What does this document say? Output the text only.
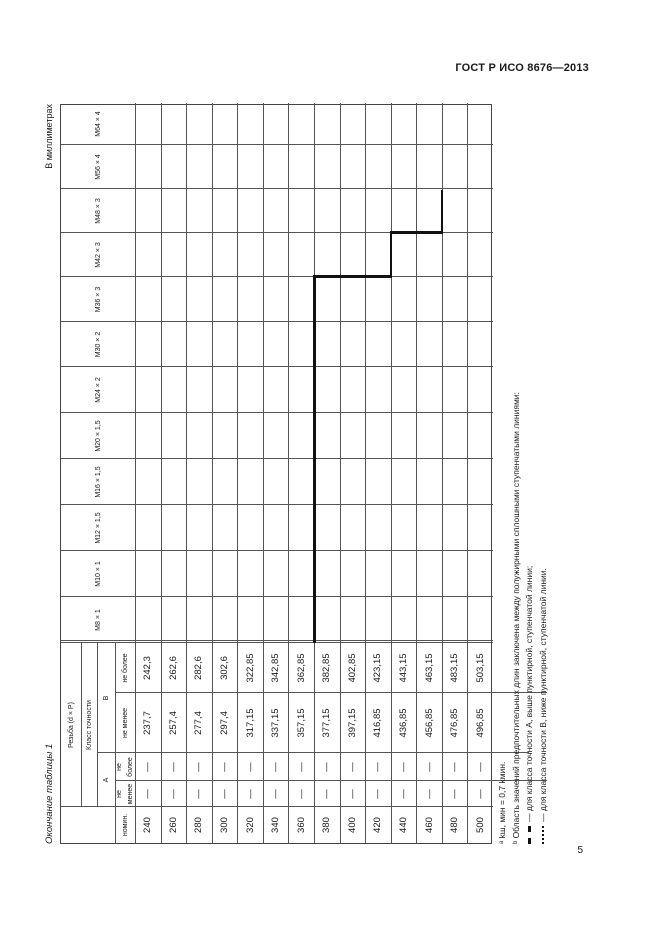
ГОСТ Р ИСО 8676—2013
Окончание таблицы 1
В миллиметрах
номин.
Резьба (d × P)	Класс точности
A
B
не менее
не более
не менее
не более
M8 × 1
M10 × 1
M12 × 1,5
M16 × 1,5
M20 × 1,5
M24 × 2
M30 × 2
M36 × 3
M42 × 3
M48 × 3
M56 × 4
M64 × 4
240
—
—
237,7
242,3
260
—
—
257,4
262,6
280
—
—
277,4
282,6
300
—
—
297,4
302,6
320
—
—
317,15
322,85
340
—
—
337,15
342,85
360
—
—
357,15
362,85
380
—
—
377,15
382,85
400
—
—
397,15
402,85
420
—
—
416,85
423,15
440
—
—
436,85
443,15
460
—
—
456,85
463,15
480
—
—
476,85
483,15
500
—
—
496,85
503,15
ᵃ kш, мин = 0,7 kмин. ᵇ Область значений предпочтительных длин заключена между полужирными сплошными ступенчатыми линиями: — для класса точности А, выше пунктирной, ступенчатой линии; — для класса точности В, ниже пунктирной, ступенчатой линии.
5
